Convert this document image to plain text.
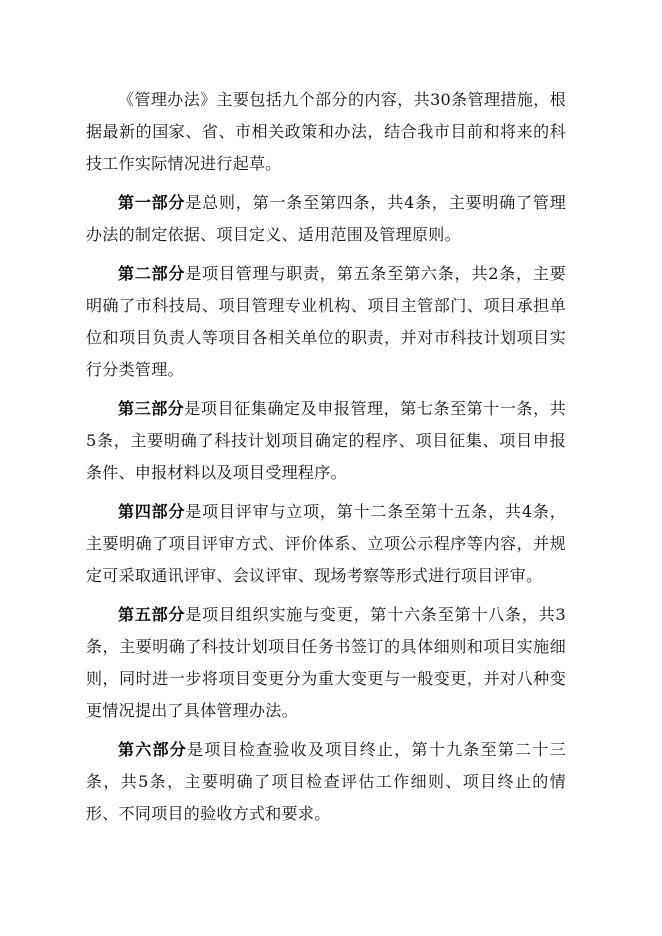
《管理办法》主要包括九个部分的内容，共30条管理措施，根据最新的国家、省、市相关政策和办法，结合我市目前和将来的科技工作实际情况进行起草。

第一部分是总则，第一条至第四条，共4条，主要明确了管理办法的制定依据、项目定义、适用范围及管理原则。

第二部分是项目管理与职责，第五条至第六条，共2条，主要明确了市科技局、项目管理专业机构、项目主管部门、项目承担单位和项目负责人等项目各相关单位的职责，并对市科技计划项目实行分类管理。

第三部分是项目征集确定及申报管理，第七条至第十一条，共5条，主要明确了科技计划项目确定的程序、项目征集、项目申报条件、申报材料以及项目受理程序。

第四部分是项目评审与立项，第十二条至第十五条，共4条，主要明确了项目评审方式、评价体系、立项公示程序等内容，并规定可采取通讯评审、会议评审、现场考察等形式进行项目评审。

第五部分是项目组织实施与变更，第十六条至第十八条，共3条，主要明确了科技计划项目任务书签订的具体细则和项目实施细则，同时进一步将项目变更分为重大变更与一般变更，并对八种变更情况提出了具体管理办法。

第六部分是项目检查验收及项目终止，第十九条至第二十三条，共5条，主要明确了项目检查评估工作细则、项目终止的情形、不同项目的验收方式和要求。
